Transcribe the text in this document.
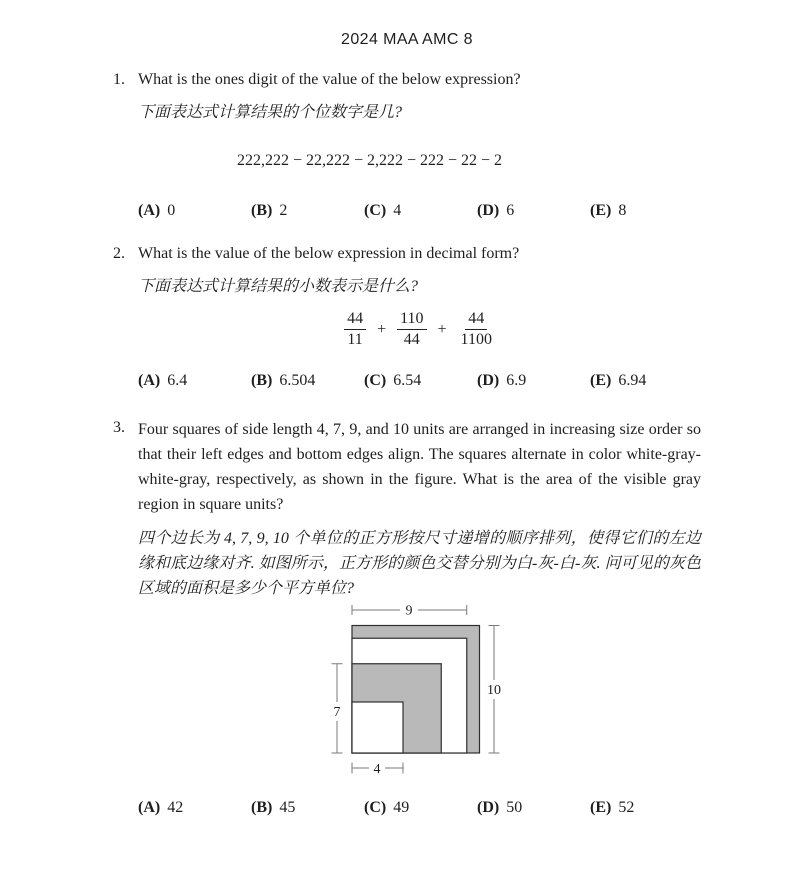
2024 MAA AMC 8
1. What is the ones digit of the value of the below expression?

下面表达式计算结果的个位数字是几?

222,222 − 22,222 − 2,222 − 222 − 22 − 2
(A) 0	(B) 2	(C) 4	(D) 6	(E) 8
2. What is the value of the below expression in decimal form?

下面表达式计算结果的小数表示是什么?

$\frac{44}{11} + \frac{110}{44} + \frac{44}{1100}$
(A) 6.4	(B) 6.504	(C) 6.54	(D) 6.9	(E) 6.94
3. Four squares of side length 4, 7, 9, and 10 units are arranged in increasing size order so that their left edges and bottom edges align. The squares alternate in color white-gray-white-gray, respectively, as shown in the figure. What is the area of the visible gray region in square units?

四个边长为 4, 7, 9, 10 个单位的正方形按尺寸递增的顺序排列，使得它们的左边缘和底边缘对齐. 如图所示，正方形的颜色交替分别为白-灰-白-灰. 问可见的灰色区域的面积是多少个平方单位?

9
10
7
4
(A) 42	(B) 45	(C) 49	(D) 50	(E) 52
